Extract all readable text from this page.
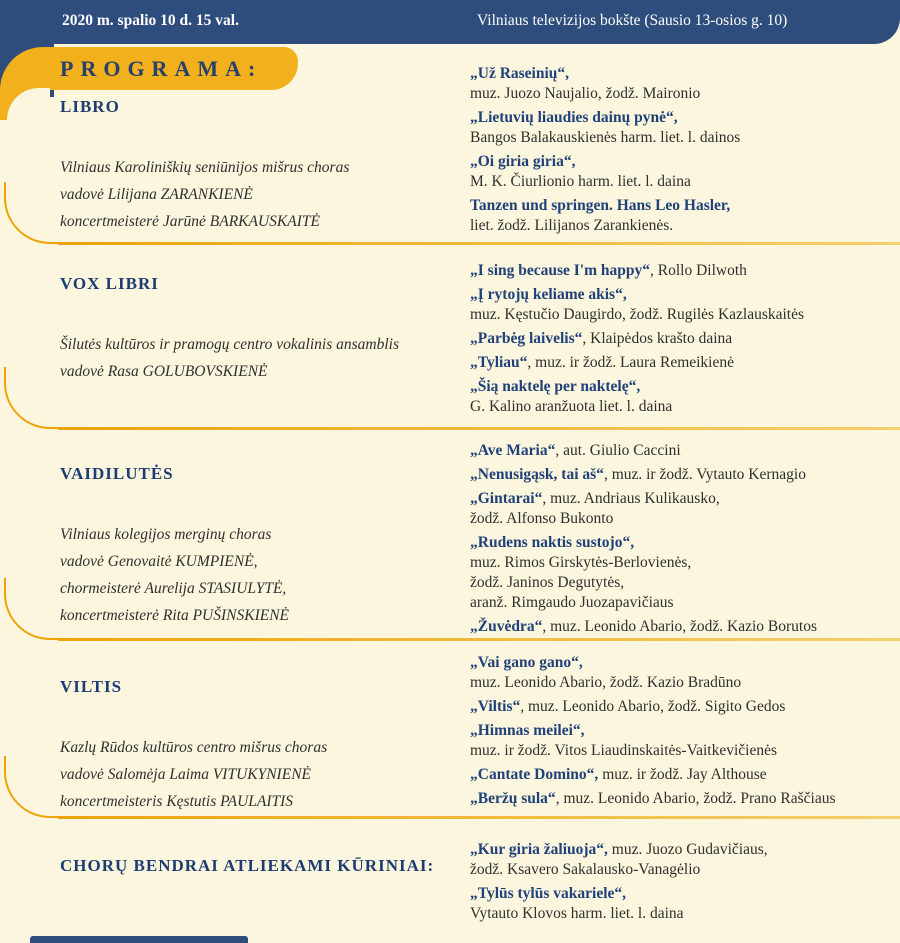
2020 m. spalio 10 d. 15 val.	Vilniaus televizijos bokšte (Sausio 13-osios g. 10)
PROGRAMA:
LIBRO
Vilniaus Karoliniškių seniūnijos mišrus choras
vadovė Lilijana ZARANKIENĖ
koncertmeisterė Jarūnė BARKAUSKAITĖ
„Už Raseinių“,
muz. Juozo Naujalio, žodž. Maironio
„Lietuvių liaudies dainų pynė“,
Bangos Balakauskienės harm. liet. l. dainos
„Oi giria giria“,
M. K. Čiurlionio harm. liet. l. daina
Tanzen und springen. Hans Leo Hasler,
liet. žodž. Lilijanos Zarankienės.
VOX LIBRI
Šilutės kultūros ir pramogų centro vokalinis ansamblis
vadovė Rasa GOLUBOVSKIENĖ
„I sing because I'm happy“, Rollo Dilwoth
„Į rytojų keliame akis“,
muz. Kęstučio Daugirdo, žodž. Rugilės Kazlauskaitės
„Parbėg laivelis“, Klaipėdos krašto daina
„Tyliau“, muz. ir žodž. Laura Remeikienė
„Šią naktelę per naktelę“,
G. Kalino aranžuota liet. l. daina
VAIDILUTĖS
Vilniaus kolegijos merginų choras
vadovė Genovaitė KUMPIENĖ,
chormeisterė Aurelija STASIULYTĖ,
koncertmeisterė Rita PUŠINSKIENĖ
„Ave Maria“, aut. Giulio Caccini
„Nenusigąsk, tai aš“, muz. ir žodž. Vytauto Kernagio
„Gintarai“, muz. Andriaus Kulikausko,
žodž. Alfonso Bukonto
„Rudens naktis sustojo“,
muz. Rimos Girskytės-Berlovienės,
žodž. Janinos Degutytės,
aranž. Rimgaudo Juozapavičiaus
„Žuvėdra“, muz. Leonido Abario, žodž. Kazio Borutos
VILTIS
Kazlų Rūdos kultūros centro mišrus choras
vadovė Salomėja Laima VITUKYNIENĖ
koncertmeisteris Kęstutis PAULAITIS
„Vai gano gano“,
muz. Leonido Abario, žodž. Kazio Bradūno
„Viltis“, muz. Leonido Abario, žodž. Sigito Gedos
„Himnas meilei“,
muz. ir žodž. Vitos Liaudinskaitės-Vaitkevičienės
„Cantate Domino“, muz. ir žodž. Jay Althouse
„Beržų sula“, muz. Leonido Abario, žodž. Prano Raščiaus
CHORŲ BENDRAI ATLIEKAMI KŪRINIAI:
„Kur giria žaliuoja“, muz. Juozo Gudavičiaus,
žodž. Ksavero Sakalausko-Vanagėlio
„Tylūs tylūs vakariele“,
Vytauto Klovos harm. liet. l. daina
